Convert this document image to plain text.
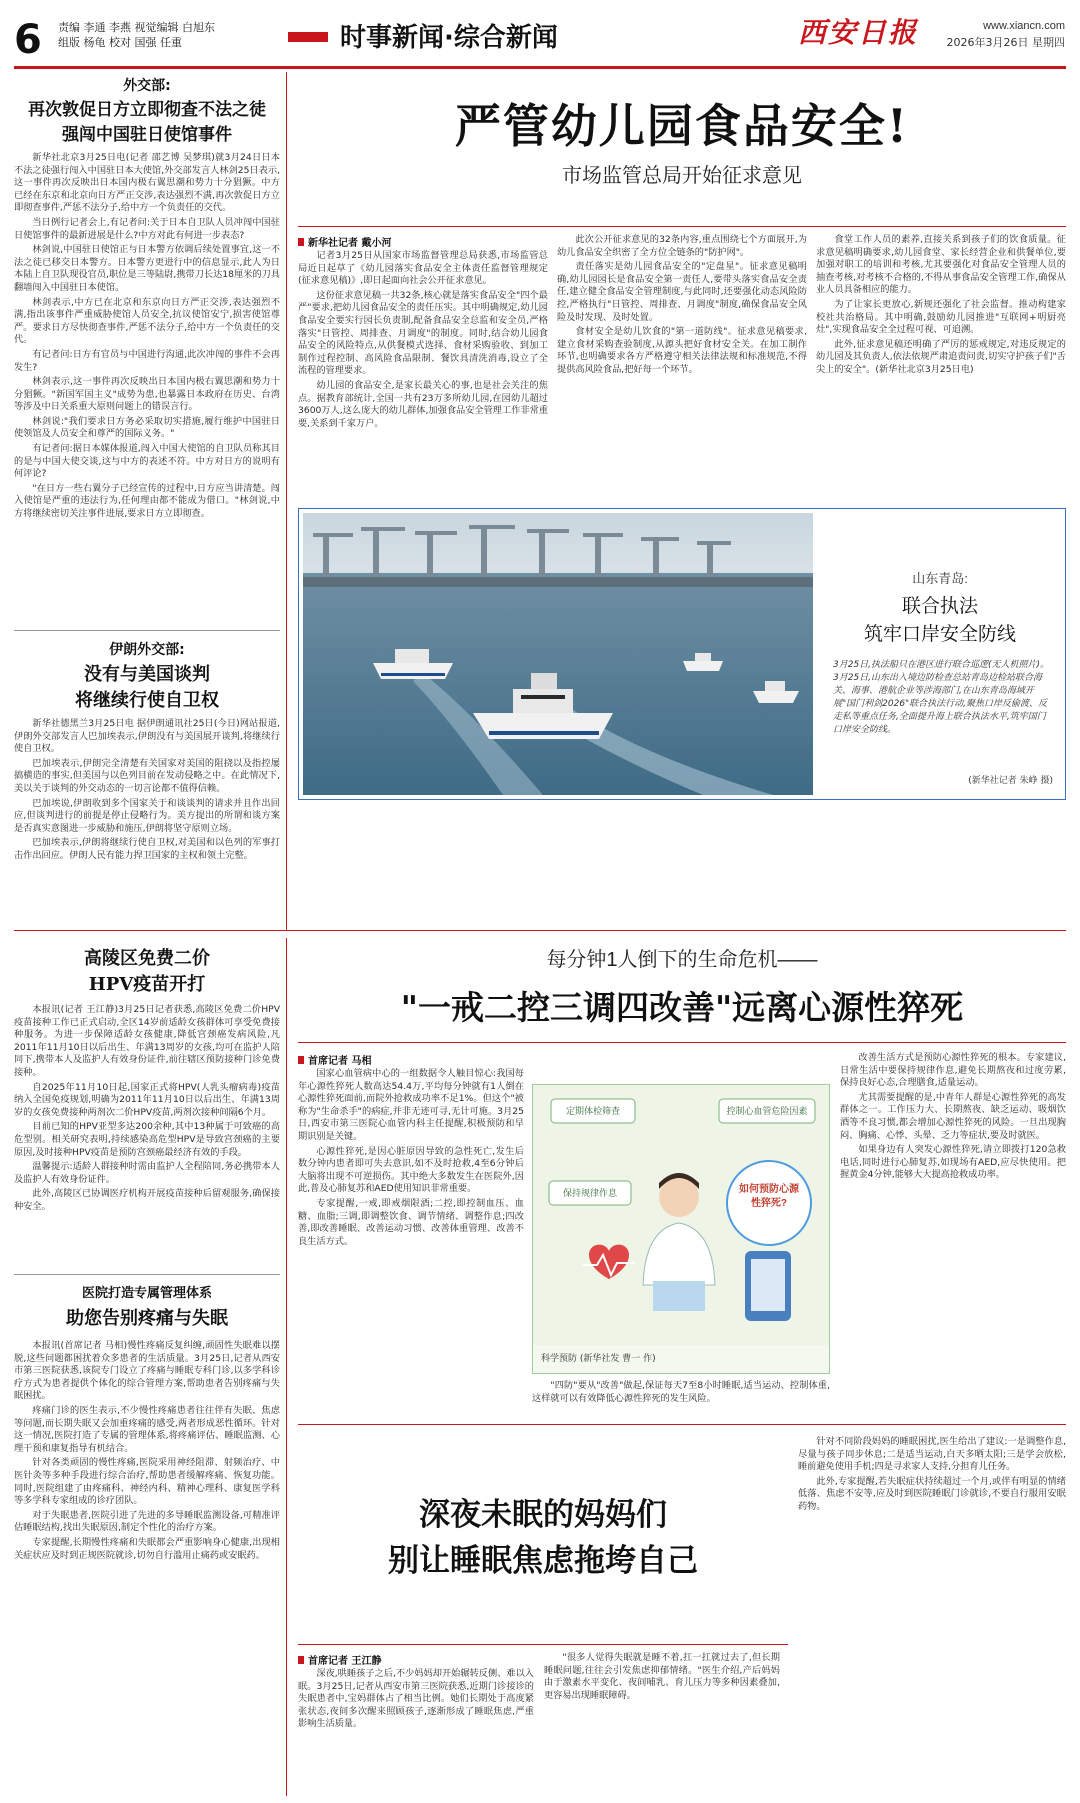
6	责编 李通 李燕 视觉编辑 白旭东
组版 杨龟 校对 国强 任重	时事新闻·综合新闻	西安日报	www.xiancn.com
2026年3月26日 星期四
外交部:
再次敦促日方立即彻查不法之徒
强闯中国驻日使馆事件

新华社北京3月25日电(记者 邵艺博 吴梦琪)就3月24日日本不法之徒强行闯入中国驻日本大使馆,外交部发言人林剑25日表示,这一事件再次反映出日本国内极右翼思潮和势力十分猖獗。中方已经在东京和北京向日方严正交涉,表达强烈不满,再次敦促日方立即彻查事件,严惩不法分子,给中方一个负责任的交代。

当日例行记者会上,有记者问:关于日本自卫队人员冲闯中国驻日使馆事件的最新进展是什么?中方对此有何进一步表态?

林剑说,中国驻日使馆正与日本警方依调后续处置事宜,这一不法之徒已移交日本警方。日本警方更进行中的信息显示,此人为日本陆上自卫队现役官员,职位是三等陆尉,携带刀长达18厘米的刀具翻墙闯入中国驻日本使馆。

林剑表示,中方已在北京和东京向日方严正交涉,表达强烈不满,指出该事件严重威胁使馆人员安全,抗议使馆安宁,损害使馆尊严。要求日方尽快彻查事件,严惩不法分子,给中方一个负责任的交代。

有记者问:日方有官员与中国进行沟通,此次冲闯的事件不会再发生?

林剑表示,这一事件再次反映出日本国内极右翼思潮和势力十分猖獗。"新国军国主义"成势为患,也暴露日本政府在历史、台湾等涉及中日关系重大原则问题上的错误言行。

林剑说:"我们要求日方务必采取切实措施,履行维护中国驻日使领馆及人员安全和尊严的国际义务。"

有记者问:据日本媒体报道,闯入中国大使馆的自卫队员称其目的是与中国大使交谈,这与中方的表述不符。中方对日方的说明有何评论?

"在日方一些右翼分子已经宣传的过程中,日方应当讲清楚。闯入使馆是严重的违法行为,任何理由都不能成为借口。"林剑说,中方将继续密切关注事件进展,要求日方立即彻查。

伊朗外交部:
没有与美国谈判
将继续行使自卫权

新华社德黑兰3月25日电 据伊朗通讯社25日(今日)网站报道,伊朗外交部发言人巴加埃表示,伊朗没有与美国展开谈判,将继续行使自卫权。

巴加埃表示,伊朗完全清楚有关国家对美国的阻挠以及指控屡搞横造的事实,但美国与以色列目前在发动侵略之中。在此情况下,美以关于谈判的外交动态的一切言论都不值得信赖。

巴加埃说,伊朗收到多个国家关于和谈谈判的请求并且作出回应,但谈判进行的前提是停止侵略行为。美方提出的所谓和谈方案是否真实意图进一步威胁和施压,伊朗将坚守原则立场。

巴加埃表示,伊朗将继续行使自卫权,对美国和以色列的军事打击作出回应。伊朗人民有能力捍卫国家的主权和领土完整。

高陵区免费二价
HPV疫苗开打

本报讯(记者 王江静)3月25日记者获悉,高陵区免费二价HPV疫苗接种工作已正式启动,全区14岁前适龄女孩群体可享受免费接种服务。为进一步保障适龄女孩健康,降低宫颈癌发病风险,凡2011年11月10日以后出生、年满13周岁的女孩,均可在监护人陪同下,携带本人及监护人有效身份证件,前往辖区预防接种门诊免费接种。

自2025年11月10日起,国家正式将HPV(人乳头瘤病毒)疫苗纳入全国免疫规划,明确为2011年11月10日以后出生、年满13周岁的女孩免费接种两剂次二价HPV疫苗,两剂次接种间隔6个月。

目前已知的HPV亚型多达200余种,其中13种属于可致癌的高危型别。相关研究表明,持续感染高危型HPV是导致宫颈癌的主要原因,及时接种HPV疫苗是预防宫颈癌最经济有效的手段。

温馨提示:适龄人群接种时需由监护人全程陪同,务必携带本人及监护人有效身份证件。

此外,高陵区已协调医疗机构开展疫苗接种后留观服务,确保接种安全。

医院打造专属管理体系
助您告别疼痛与失眠

本报讯(首席记者 马相)慢性疼痛反复纠缠,顽固性失眠难以摆脱,这些问题都困扰着众多患者的生活质量。3月25日,记者从西安市第三医院获悉,该院专门设立了疼痛与睡眠专科门诊,以多学科诊疗方式为患者提供个体化的综合管理方案,帮助患者告别疼痛与失眠困扰。

疼痛门诊的医生表示,不少慢性疼痛患者往往伴有失眠、焦虑等问题,而长期失眠又会加重疼痛的感受,两者形成恶性循环。针对这一情况,医院打造了专属的管理体系,将疼痛评估、睡眠监测、心理干预和康复指导有机结合。

针对各类顽固的慢性疼痛,医院采用神经阻滞、射频治疗、中医针灸等多种手段进行综合治疗,帮助患者缓解疼痛、恢复功能。同时,医院组建了由疼痛科、神经内科、精神心理科、康复医学科等多学科专家组成的诊疗团队。

对于失眠患者,医院引进了先进的多导睡眠监测设备,可精准评估睡眠结构,找出失眠原因,制定个性化的治疗方案。

专家提醒,长期慢性疼痛和失眠都会严重影响身心健康,出现相关症状应及时到正规医院就诊,切勿自行滥用止痛药或安眠药。

严管幼儿园食品安全!
市场监管总局开始征求意见
新华社记者 戴小河

记者3月25日从国家市场监督管理总局获悉,市场监管总局近日起草了《幼儿园落实食品安全主体责任监督管理规定(征求意见稿)》,即日起面向社会公开征求意见。

这份征求意见稿一共32条,核心就是落实食品安全"四个最严"要求,把幼儿园食品安全的责任压实。其中明确规定,幼儿园食品安全要实行园长负责制,配备食品安全总监和安全员,严格落实"日管控、周排查、月调度"的制度。同时,结合幼儿园食品安全的风险特点,从供餐模式选择、食材采购验收、到加工制作过程控制、高风险食品限制、餐饮具清洗消毒,设立了全流程的管理要求。

幼儿园的食品安全,是家长最关心的事,也是社会关注的焦点。据教育部统计,全国一共有23万多所幼儿园,在园幼儿超过3600万人,这么庞大的幼儿群体,加强食品安全管理工作非常重要,关系到千家万户。

此次公开征求意见的32条内容,重点围绕七个方面展开,为幼儿食品安全织密了全方位全链条的"防护网"。

责任落实是幼儿园食品安全的"定盘星"。征求意见稿明确,幼儿园园长是食品安全第一责任人,要带头落实食品安全责任,建立健全食品安全管理制度,与此同时,还要强化动态风险防控,严格执行"日管控、周排查、月调度"制度,确保食品安全风险及时发现、及时处置。

食材安全是幼儿饮食的"第一道防线"。征求意见稿要求,建立食材采购查验制度,从源头把好食材安全关。在加工制作环节,也明确要求各方严格遵守相关法律法规和标准规范,不得提供高风险食品,把好每一个环节。

食堂工作人员的素养,直接关系到孩子们的饮食质量。征求意见稿明确要求,幼儿园食堂、家长经营企业和供餐单位,要加强对职工的培训和考核,尤其要强化对食品安全管理人员的抽查考核,对考核不合格的,不得从事食品安全管理工作,确保从业人员具备相应的能力。

为了让家长更放心,新规还强化了社会监督。推动构建家校社共治格局。其中明确,鼓励幼儿园推进"互联网+明厨亮灶",实现食品安全全过程可视、可追溯。

此外,征求意见稿还明确了严厉的惩戒规定,对违反规定的幼儿园及其负责人,依法依规严肃追责问责,切实守护孩子们"舌尖上的安全"。(新华社北京3月25日电)

山东青岛:
联合执法
筑牢口岸安全防线
3月25日,执法船只在港区进行联合巡逻(无人机照片)。3月25日,山东出入境边防检查总站青岛边检站联合海关、海事、港航企业等涉海部门,在山东青岛海域开展"国门利剑2026"联合执法行动,聚焦口岸反偷渡、反走私等重点任务,全面提升海上联合执法水平,筑牢国门口岸安全防线。
(新华社记者 朱峥 摄)
每分钟1人倒下的生命危机——
"一戒二控三调四改善"远离心源性猝死
首席记者 马相

国家心血管病中心的一组数据令人触目惊心:我国每年心源性猝死人数高达54.4万,平均每分钟就有1人倒在心源性猝死面前,而院外抢救成功率不足1%。但这个"被称为"生命杀手"的病症,并非无迹可寻,无计可施。3月25日,西安市第三医院心血管内科主任提醒,积极预防和早期识别是关键。

心源性猝死,是因心脏原因导致的急性死亡,发生后数分钟内患者即可失去意识,如不及时抢救,4至6分钟后大脑将出现不可逆损伤。其中绝大多数发生在医院外,因此,普及心肺复苏和AED使用知识非常重要。

专家提醒,一戒,即戒烟限酒;二控,即控制血压、血糖、血脂;三调,即调整饮食、调节情绪、调整作息;四改善,即改善睡眠、改善运动习惯、改善体重管理、改善不良生活方式。

定期体检筛查	控制心血管危险因素
保持规律作息	如何预防心源性猝死?
科学预防 (新华社发 曹一 作)

"四防"要从"改善"做起,保证每天7至8小时睡眠,适当运动、控制体重,这样就可以有效降低心源性猝死的发生风险。

改善生活方式是预防心源性猝死的根本。专家建议,日常生活中要保持规律作息,避免长期熬夜和过度劳累,保持良好心态,合理膳食,适量运动。

尤其需要提醒的是,中青年人群是心源性猝死的高发群体之一。工作压力大、长期熬夜、缺乏运动、吸烟饮酒等不良习惯,都会增加心源性猝死的风险。一旦出现胸闷、胸痛、心悸、头晕、乏力等症状,要及时就医。

如果身边有人突发心源性猝死,请立即拨打120急救电话,同时进行心肺复苏,如现场有AED,应尽快使用。把握黄金4分钟,能够大大提高抢救成功率。

深夜未眠的妈妈们
别让睡眠焦虑拖垮自己
首席记者 王江静

深夜,哄睡孩子之后,不少妈妈却开始辗转反侧、难以入眠。3月25日,记者从西安市第三医院获悉,近期门诊接诊的失眠患者中,宝妈群体占了相当比例。她们长期处于高度紧张状态,夜间多次醒来照顾孩子,逐渐形成了睡眠焦虑,严重影响生活质量。

"很多人觉得失眠就是睡不着,扛一扛就过去了,但长期睡眠问题,往往会引发焦虑抑郁情绪。"医生介绍,产后妈妈由于激素水平变化、夜间哺乳、育儿压力等多种因素叠加,更容易出现睡眠障碍。

针对不同阶段妈妈的睡眠困扰,医生给出了建议:一是调整作息,尽量与孩子同步休息;二是适当运动,白天多晒太阳;三是学会放松,睡前避免使用手机;四是寻求家人支持,分担育儿任务。

此外,专家提醒,若失眠症状持续超过一个月,或伴有明显的情绪低落、焦虑不安等,应及时到医院睡眠门诊就诊,不要自行服用安眠药物。
